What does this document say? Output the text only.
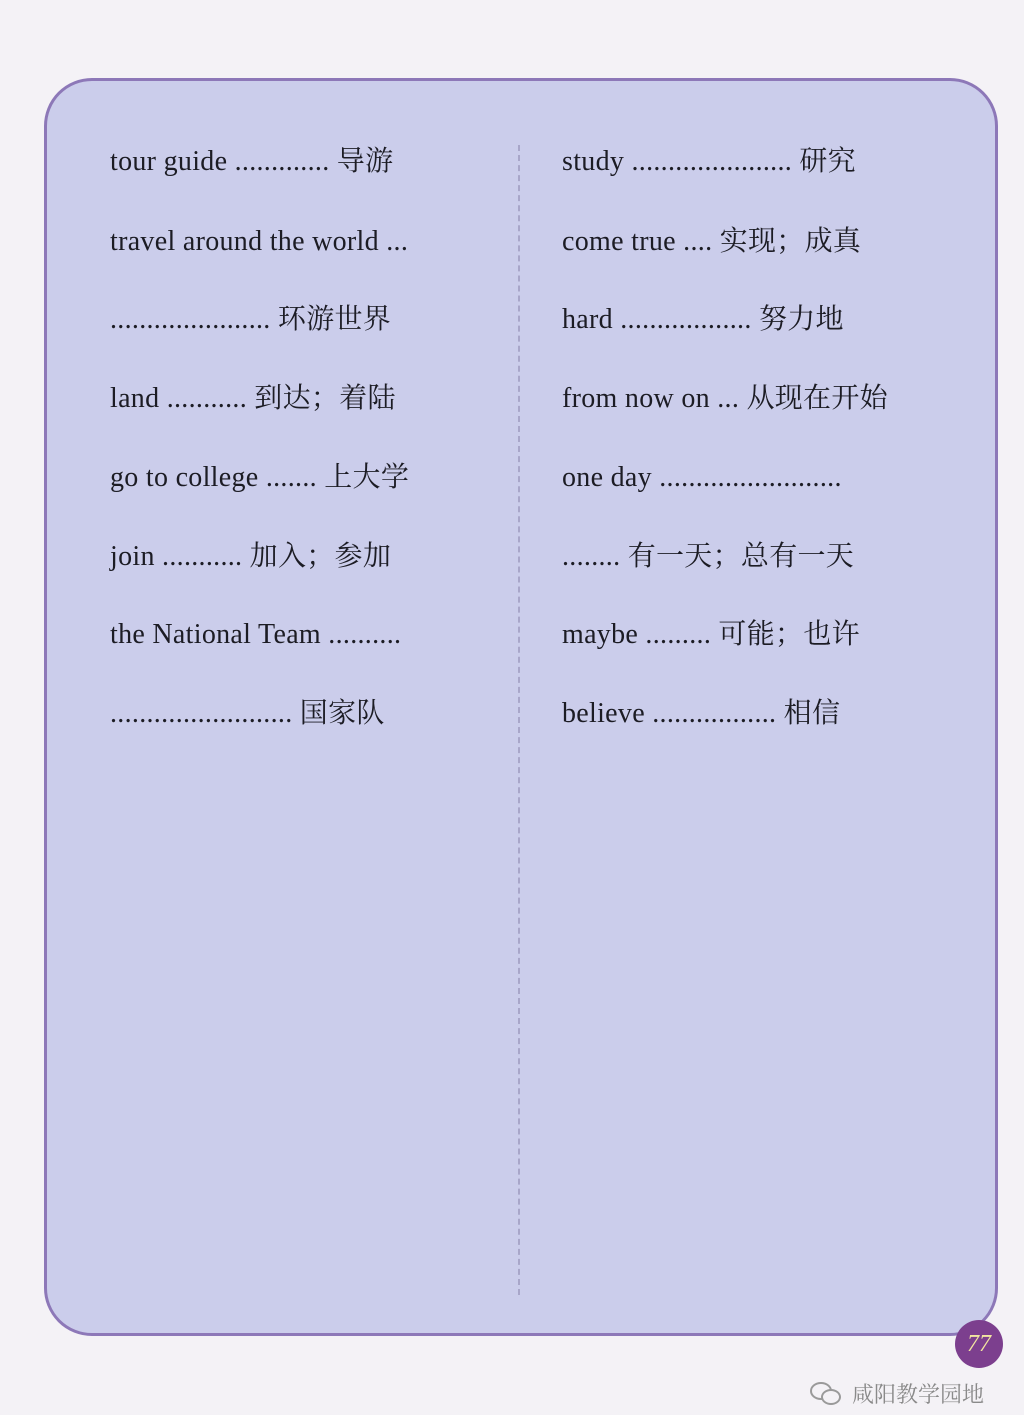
tour guide ............. 导游
travel around the world ...
...................... 环游世界
land ........... 到达；着陆
go to college ....... 上大学
join ........... 加入；参加
the National Team ..........
......................... 国家队
study ...................... 研究
come true .... 实现；成真
hard .................. 努力地
from now on ... 从现在开始
one day .........................
........ 有一天；总有一天
maybe ......... 可能；也许
believe ................. 相信
77
咸阳教学园地
